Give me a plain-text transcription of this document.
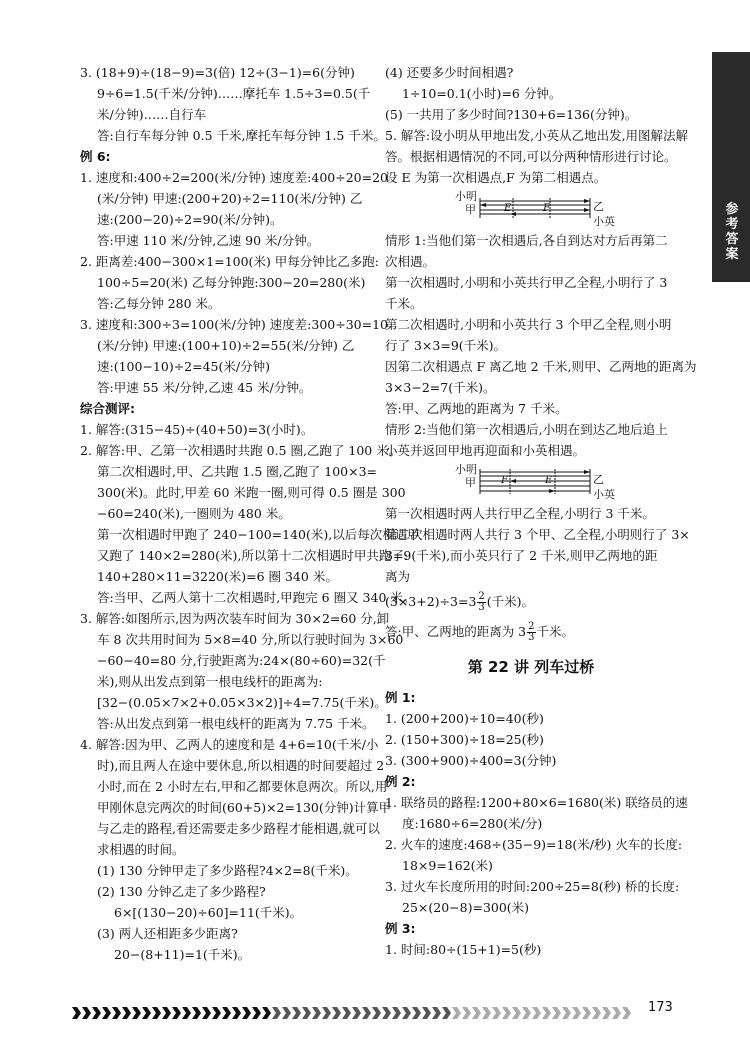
参考答案
3. (18+9)÷(18−9)=3(倍) 12÷(3−1)=6(分钟)
9÷6=1.5(千米/分钟)……摩托车 1.5÷3=0.5(千
米/分钟)……自行车
答:自行车每分钟 0.5 千米,摩托车每分钟 1.5 千米。
例 6:
1. 速度和:400÷2=200(米/分钟) 速度差:400÷20=20
(米/分钟) 甲速:(200+20)÷2=110(米/分钟) 乙
速:(200−20)÷2=90(米/分钟)。
答:甲速 110 米/分钟,乙速 90 米/分钟。
2. 距离差:400−300×1=100(米) 甲每分钟比乙多跑:
100÷5=20(米) 乙每分钟跑:300−20=280(米)
答:乙每分钟 280 米。
3. 速度和:300÷3=100(米/分钟) 速度差:300÷30=10
(米/分钟) 甲速:(100+10)÷2=55(米/分钟) 乙
速:(100−10)÷2=45(米/分钟)
答:甲速 55 米/分钟,乙速 45 米/分钟。
综合测评:
1. 解答:(315−45)÷(40+50)=3(小时)。
2. 解答:甲、乙第一次相遇时共跑 0.5 圈,乙跑了 100 米。
第二次相遇时,甲、乙共跑 1.5 圈,乙跑了 100×3=
300(米)。此时,甲差 60 米跑一圈,则可得 0.5 圈是 300
−60=240(米),一圈则为 480 米。
第一次相遇时甲跑了 240−100=140(米),以后每次相遇甲
又跑了 140×2=280(米),所以第十二次相遇时甲共跑了:
140+280×11=3220(米)=6 圈 340 米。
答:当甲、乙两人第十二次相遇时,甲跑完 6 圈又 340 米。
3. 解答:如图所示,因为两次装车时间为 30×2=60 分,卸
车 8 次共用时间为 5×8=40 分,所以行驶时间为 3×60
−60−40=80 分,行驶距离为:24×(80÷60)=32(千
米),则从出发点到第一根电线杆的距离为:
[32−(0.05×7×2+0.05×3×2)]÷4=7.75(千米)。
答:从出发点到第一根电线杆的距离为 7.75 千米。
4. 解答:因为甲、乙两人的速度和是 4+6=10(千米/小
时),而且两人在途中要休息,所以相遇的时间要超过 2
小时,而在 2 小时左右,甲和乙都要休息两次。所以,用
甲刚休息完两次的时间(60+5)×2=130(分钟)计算甲
与乙走的路程,看还需要走多少路程才能相遇,就可以
求相遇的时间。
(1) 130 分钟甲走了多少路程?4×2=8(千米)。
(2) 130 分钟乙走了多少路程?
6×[(130−20)÷60]=11(千米)。
(3) 两人还相距多少距离?
20−(8+11)=1(千米)。
(4) 还要多少时间相遇?
1÷10=0.1(小时)=6 分钟。
(5) 一共用了多少时间?130+6=136(分钟)。
5. 解答:设小明从甲地出发,小英从乙地出发,用图解法解
答。根据相遇情况的不同,可以分两种情形进行讨论。
设 E 为第一次相遇点,F 为第二相遇点。
小明
甲	E	F	乙
小英
情形 1:当他们第一次相遇后,各自到达对方后再第二
次相遇。
第一次相遇时,小明和小英共行甲乙全程,小明行了 3
千米。
第二次相遇时,小明和小英共行 3 个甲乙全程,则小明
行了 3×3=9(千米)。
因第二次相遇点 F 离乙地 2 千米,则甲、乙两地的距离为
3×3−2=7(千米)。
答:甲、乙两地的距离为 7 千米。
情形 2:当他们第一次相遇后,小明在到达乙地后追上
小英并返回甲地再迎面和小英相遇。
小明
甲	F	E	乙
小英
第一次相遇时两人共行甲乙全程,小明行 3 千米。
第二次相遇时两人共行 3 个甲、乙全程,小明则行了 3×
3=9(千米),而小英只行了 2 千米,则甲乙两地的距
离为
$(3\times 3+2)\div 3=3 \frac{2}{3}$ (千米)。
答:甲、乙两地的距离为 $3 \frac{2}{3}$ 千米。
第 22 讲 列车过桥
例 1:
1. (200+200)÷10=40(秒)
2. (150+300)÷18=25(秒)
3. (300+900)÷400=3(分钟)
例 2:
1. 联络员的路程:1200+80×6=1680(米) 联络员的速
度:1680÷6=280(米/分)
2. 火车的速度:468÷(35−9)=18(米/秒) 火车的长度:
18×9=162(米)
3. 过火车长度所用的时间:200÷25=8(秒) 桥的长度:
25×(20−8)=300(米)
例 3:
1. 时间:80÷(15+1)=5(秒)
173
